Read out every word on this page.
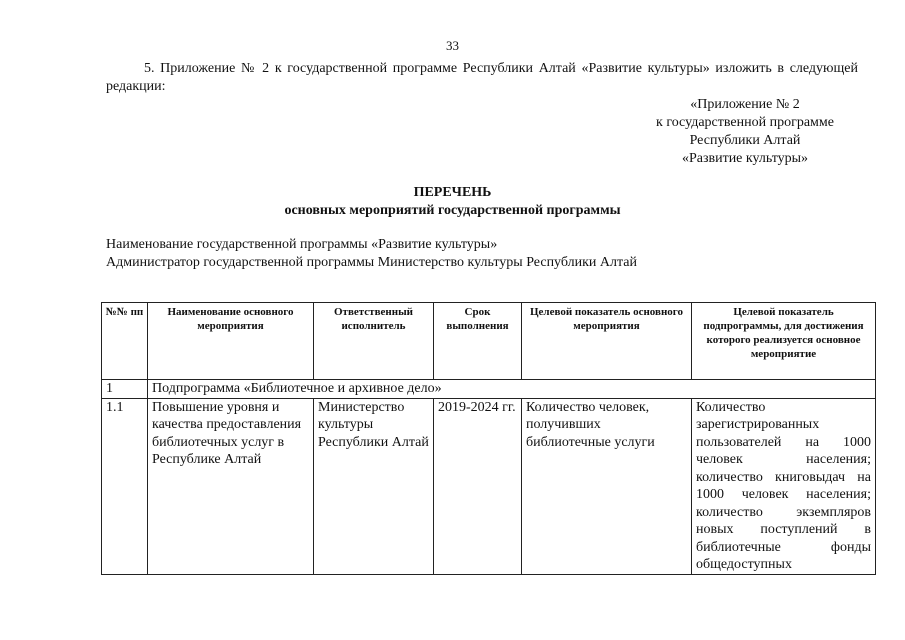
33

5. Приложение № 2 к государственной программе Республики Алтай «Развитие культуры» изложить в следующей редакции:

«Приложение № 2
к государственной программе
Республики Алтай
«Развитие культуры»
ПЕРЕЧЕНЬ
основных мероприятий государственной программы
Наименование государственной программы «Развитие культуры»
Администратор государственной программы Министерство культуры Республики Алтай
№№ пп	Наименование основного мероприятия	Ответственный исполнитель	Срок выполнения	Целевой показатель основного мероприятия	Целевой показатель подпрограммы, для достижения которого реализуется основное мероприятие
1	Подпрограмма «Библиотечное и архивное дело»				
1.1	Повышение уровня и качества предоставления библиотечных услуг в Республике Алтай	Министерство культуры Республики Алтай	2019-2024 гг.	Количество человек, получивших библиотечные услуги	Количество зарегистрированных пользователей на 1000 человек населения; количество книговыдач на 1000 человек населения; количество экземпляров новых поступлений в библиотечные фонды общедоступных
